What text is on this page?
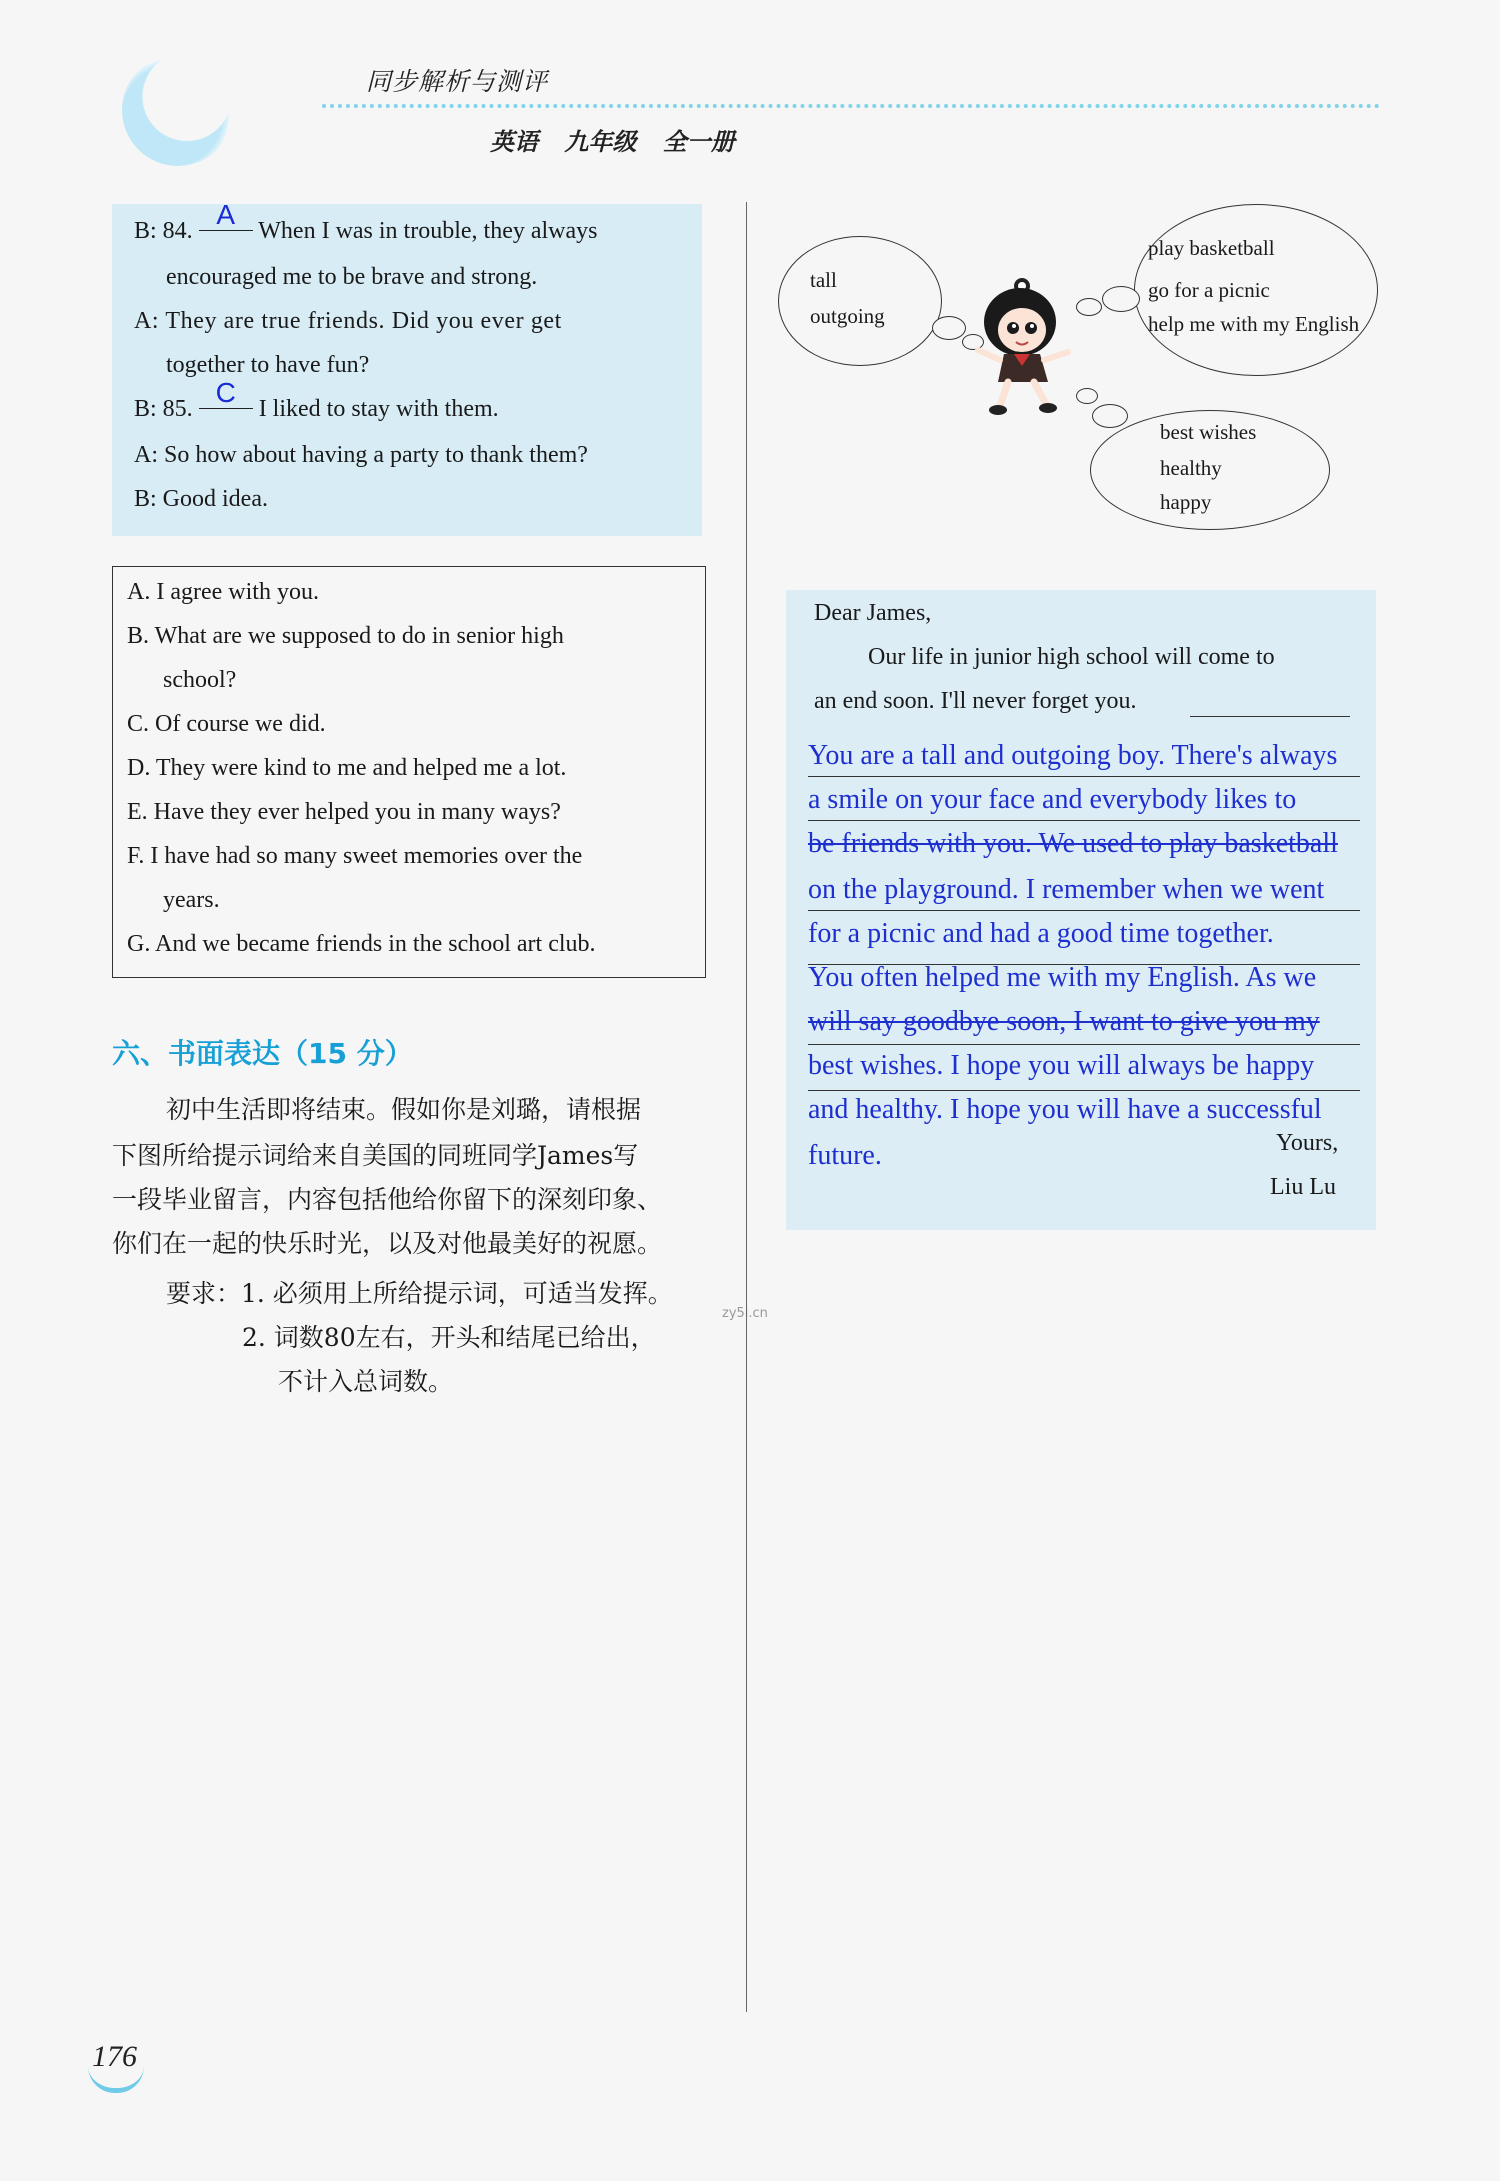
同步解析与测评
英语 九年级 全一册
B: 84. A When I was in trouble, they always
encouraged me to be brave and strong.
A: They are true friends. Did you ever get
together to have fun?
B: 85. C I liked to stay with them.
A: So how about having a party to thank them?
B: Good idea.
A. I agree with you.
B. What are we supposed to do in senior high
school?
C. Of course we did.
D. They were kind to me and helped me a lot.
E. Have they ever helped you in many ways?
F. I have had so many sweet memories over the
years.
G. And we became friends in the school art club.
六、书面表达（15 分）
初中生活即将结束。假如你是刘璐，请根据
下图所给提示词给来自美国的同班同学James写
一段毕业留言，内容包括他给你留下的深刻印象、
你们在一起的快乐时光，以及对他最美好的祝愿。
要求：1. 必须用上所给提示词，可适当发挥。
2. 词数80左右，开头和结尾已给出，
不计入总词数。
zy5l.cn
tall
outgoing
play basketball
go for a picnic
help me with my English
best wishes
healthy
happy
Dear James,
Our life in junior high school will come to
an end soon. I'll never forget you.
You are a tall and outgoing boy. There's always
a smile on your face and everybody likes to
be friends with you. We used to play basketball
on the playground. I remember when we went
for a picnic and had a good time together.
You often helped me with my English. As we
will say goodbye soon, I want to give you my
best wishes. I hope you will always be happy
and healthy. I hope you will have a successful
future.	Yours,
Liu Lu
176
